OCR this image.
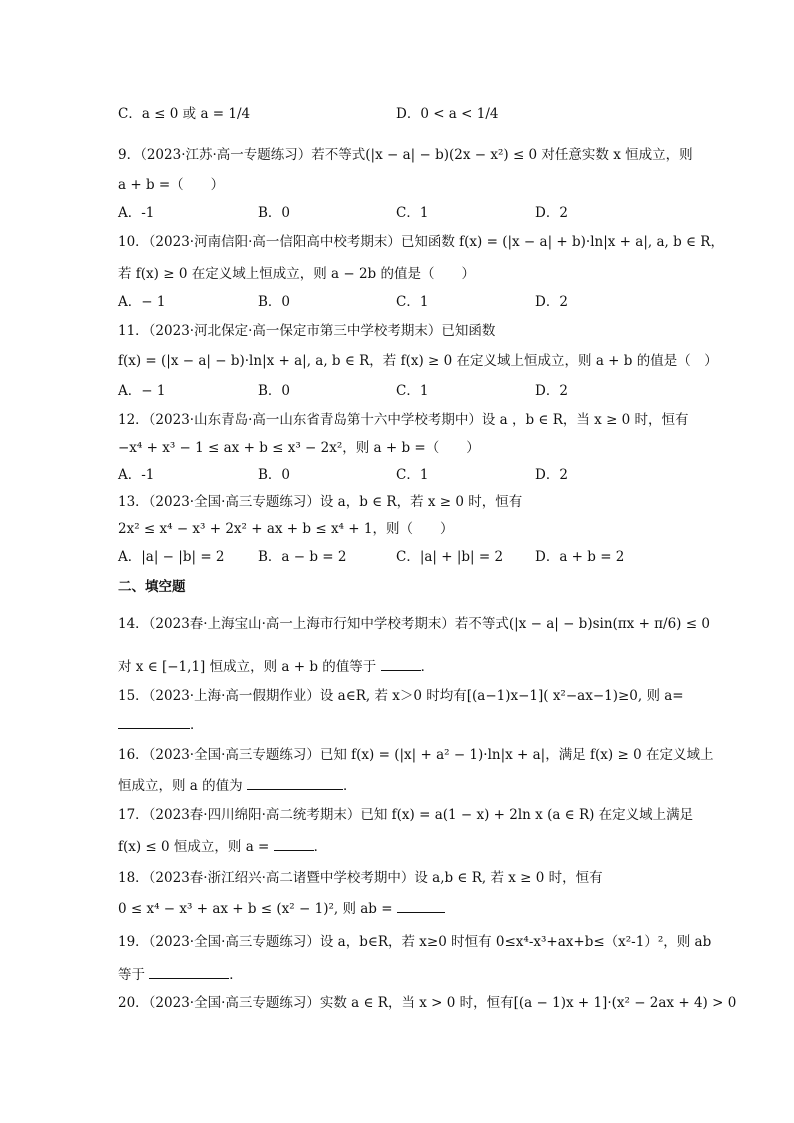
C．a ≤ 0 或 a = 1/4	D．0 < a < 1/4
9．（2023·江苏·高一专题练习）若不等式(|x − a| − b)(2x − x²) ≤ 0 对任意实数 x 恒成立，则
a + b =（　　）
A．-1	B．0	C．1	D．2
10．（2023·河南信阳·高一信阳高中校考期末）已知函数 f(x) = (|x − a| + b)·ln|x + a|, a, b ∈ R，
若 f(x) ≥ 0 在定义域上恒成立，则 a − 2b 的值是（　　）
A．− 1	B．0	C．1	D．2
11．（2023·河北保定·高一保定市第三中学校考期末）已知函数
f(x) = (|x − a| − b)·ln|x + a|, a, b ∈ R，若 f(x) ≥ 0 在定义域上恒成立，则 a + b 的值是（　）
A．− 1	B．0	C．1	D．2
12．（2023·山东青岛·高一山东省青岛第十六中学校考期中）设 a ，b ∈ R，当 x ≥ 0 时，恒有
−x⁴ + x³ − 1 ≤ ax + b ≤ x³ − 2x²，则 a + b =（　　）
A．-1	B．0	C．1	D．2
13．（2023·全国·高三专题练习）设 a，b ∈ R，若 x ≥ 0 时，恒有
2x² ≤ x⁴ − x³ + 2x² + ax + b ≤ x⁴ + 1，则（　　）
A．|a| − |b| = 2 B．a − b = 2	C．|a| + |b| = 2 D．a + b = 2
二、填空题
14．（2023春·上海宝山·高一上海市行知中学校考期末）若不等式(|x − a| − b)sin(πx + π/6) ≤ 0
对 x ∈ [−1,1] 恒成立，则 a + b 的值等于	．
15．（2023·上海·高一假期作业）设 a∈R, 若 x＞0 时均有[(a−1)x−1]( x²−ax−1)≥0, 则 a=
．
16．（2023·全国·高三专题练习）已知 f(x) = (|x| + a² − 1)·ln|x + a|，满足 f(x) ≥ 0 在定义域上
恒成立，则 a 的值为	．
17．（2023春·四川绵阳·高二统考期末）已知 f(x) = a(1 − x) + 2ln x (a ∈ R) 在定义域上满足
f(x) ≤ 0 恒成立，则 a =	．
18．（2023春·浙江绍兴·高二诸暨中学校考期中）设 a,b ∈ R, 若 x ≥ 0 时，恒有
0 ≤ x⁴ − x³ + ax + b ≤ (x² − 1)², 则 ab =
19．（2023·全国·高三专题练习）设 a，b∈R，若 x≥0 时恒有 0≤x⁴-x³+ax+b≤（x²-1）²，则 ab
等于	．
20．（2023·全国·高三专题练习）实数 a ∈ R，当 x > 0 时，恒有[(a − 1)x + 1]·(x² − 2ax + 4) > 0
